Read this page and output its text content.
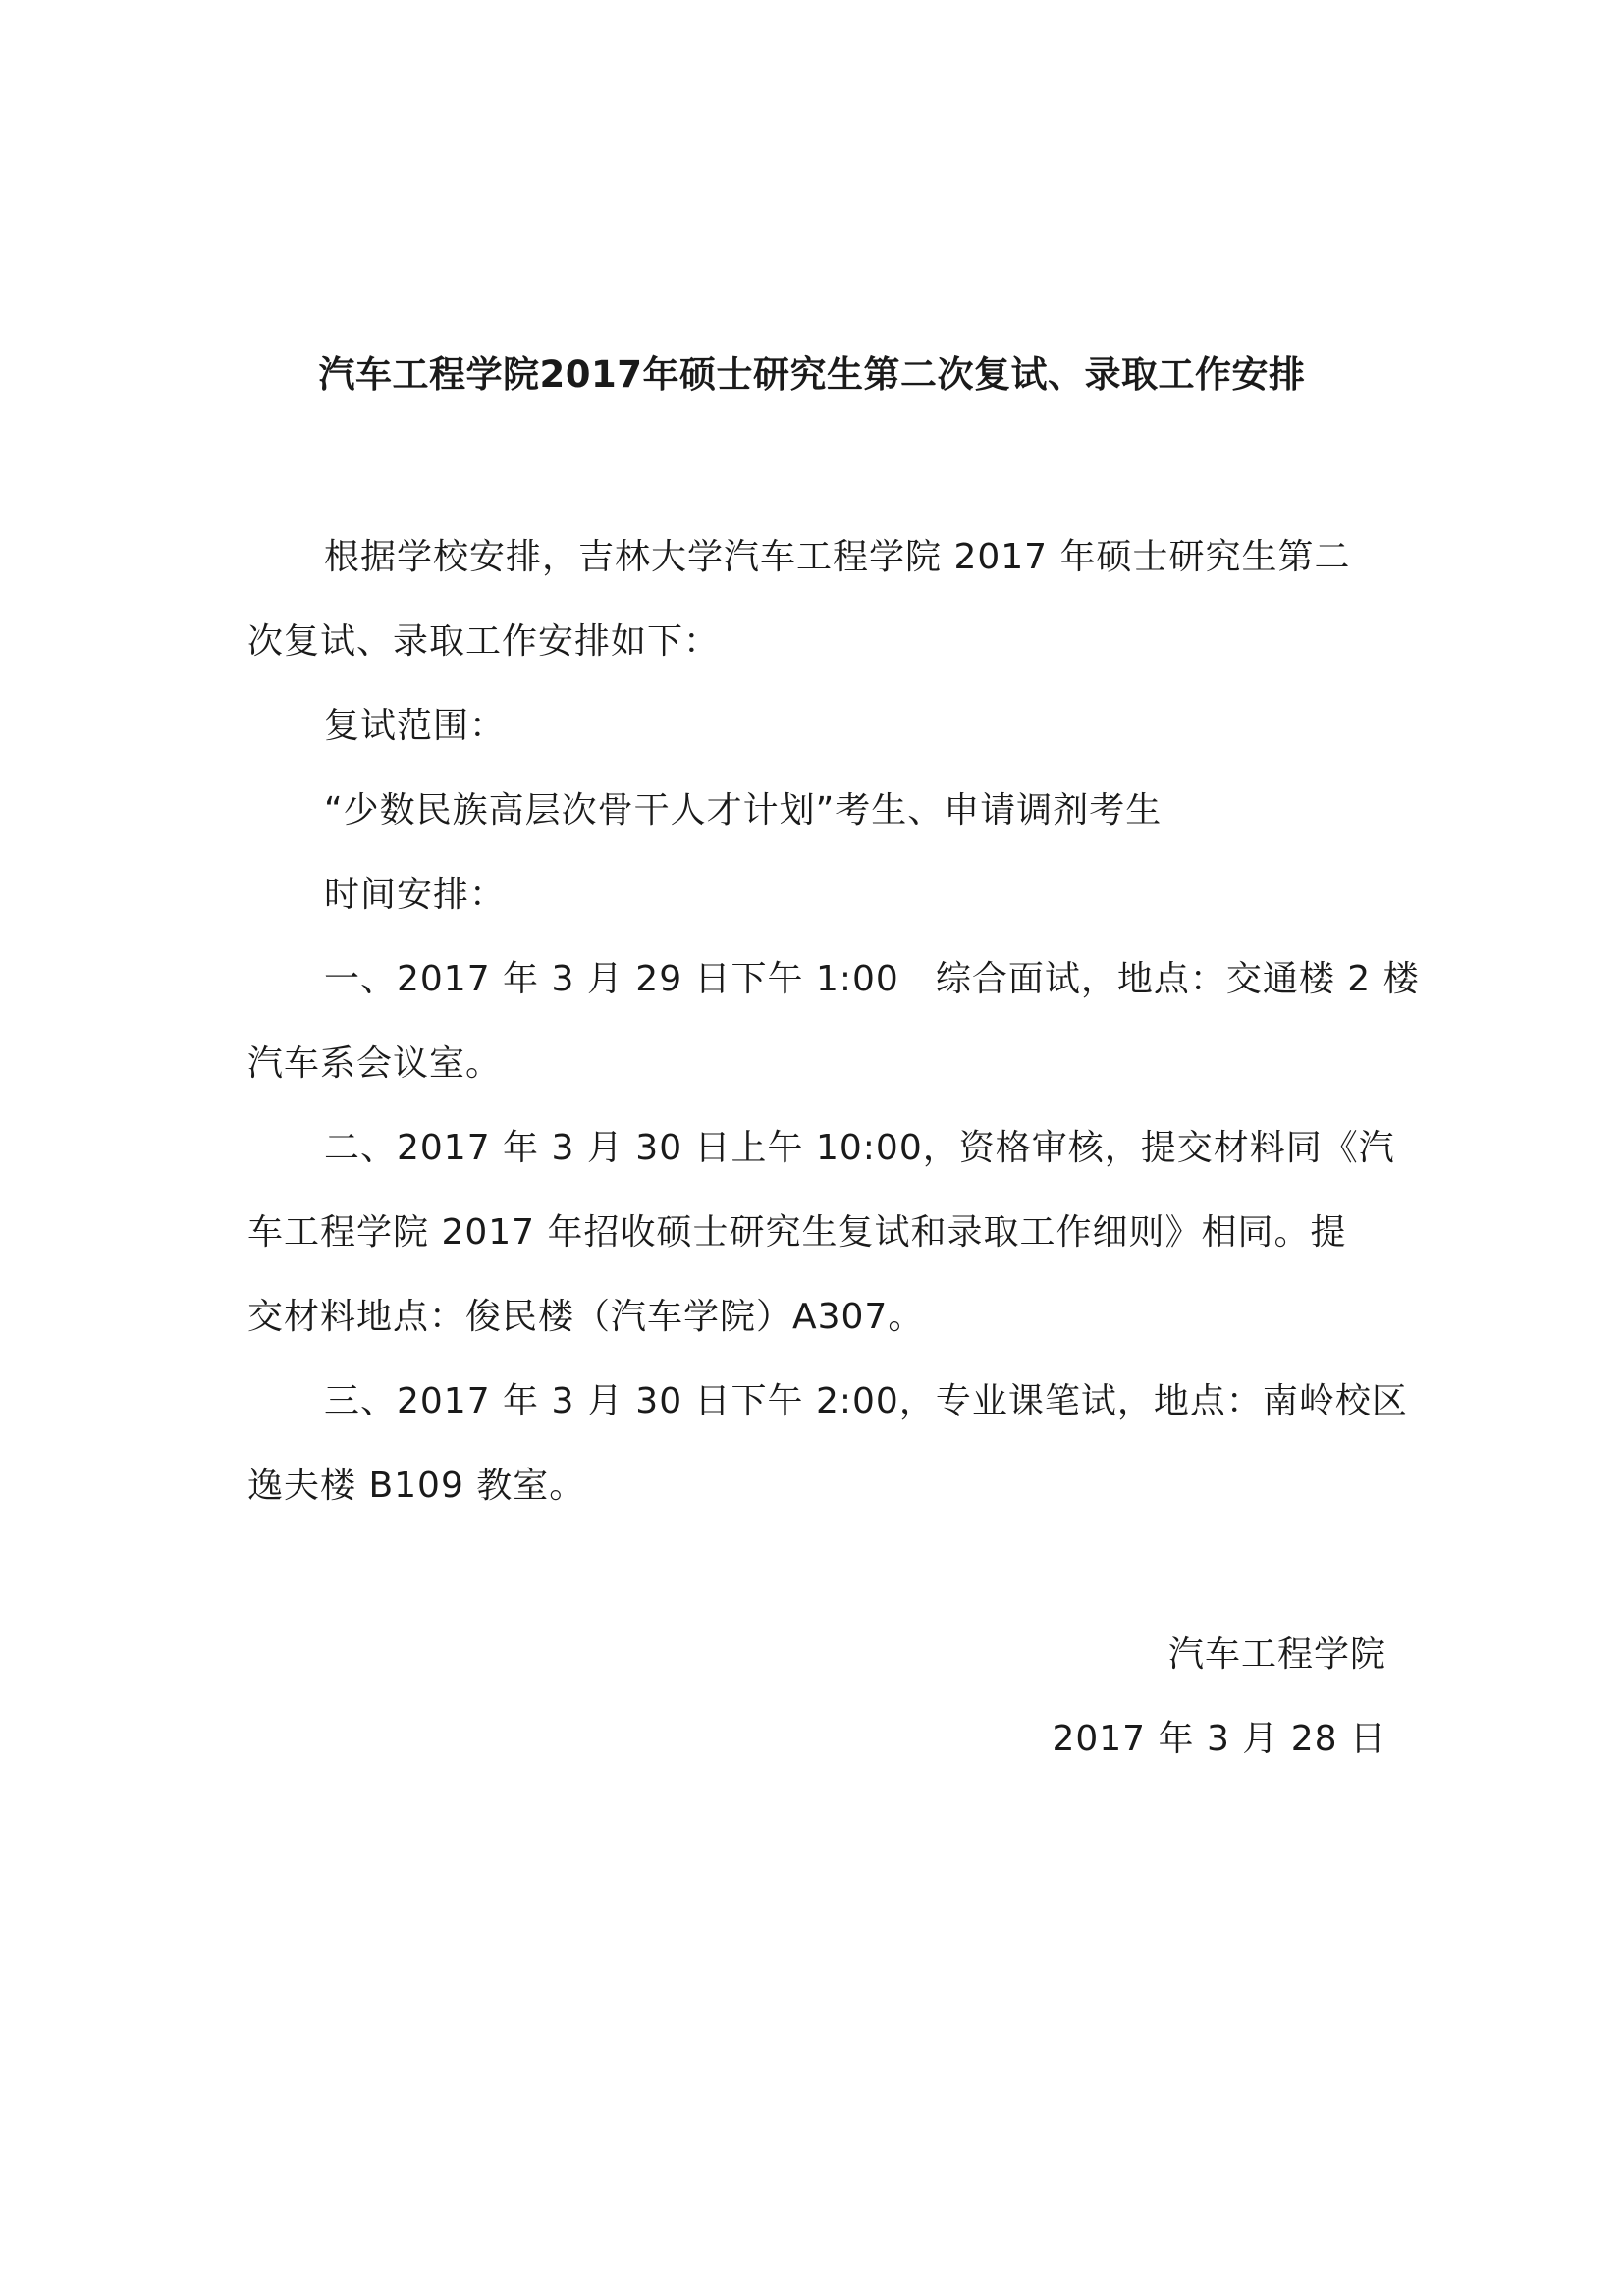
汽车工程学院2017年硕士研究生第二次复试、录取工作安排
根据学校安排，吉林大学汽车工程学院 2017 年硕士研究生第二
次复试、录取工作安排如下：
复试范围：
“少数民族高层次骨干人才计划”考生、申请调剂考生
时间安排：
一、2017 年 3 月 29 日下午 1:00　综合面试，地点：交通楼 2 楼
汽车系会议室。
二、2017 年 3 月 30 日上午 10:00，资格审核，提交材料同《汽
车工程学院 2017 年招收硕士研究生复试和录取工作细则》相同。提
交材料地点：俊民楼（汽车学院）A307。
三、2017 年 3 月 30 日下午 2:00，专业课笔试，地点：南岭校区
逸夫楼 B109 教室。
汽车工程学院
2017 年 3 月 28 日
